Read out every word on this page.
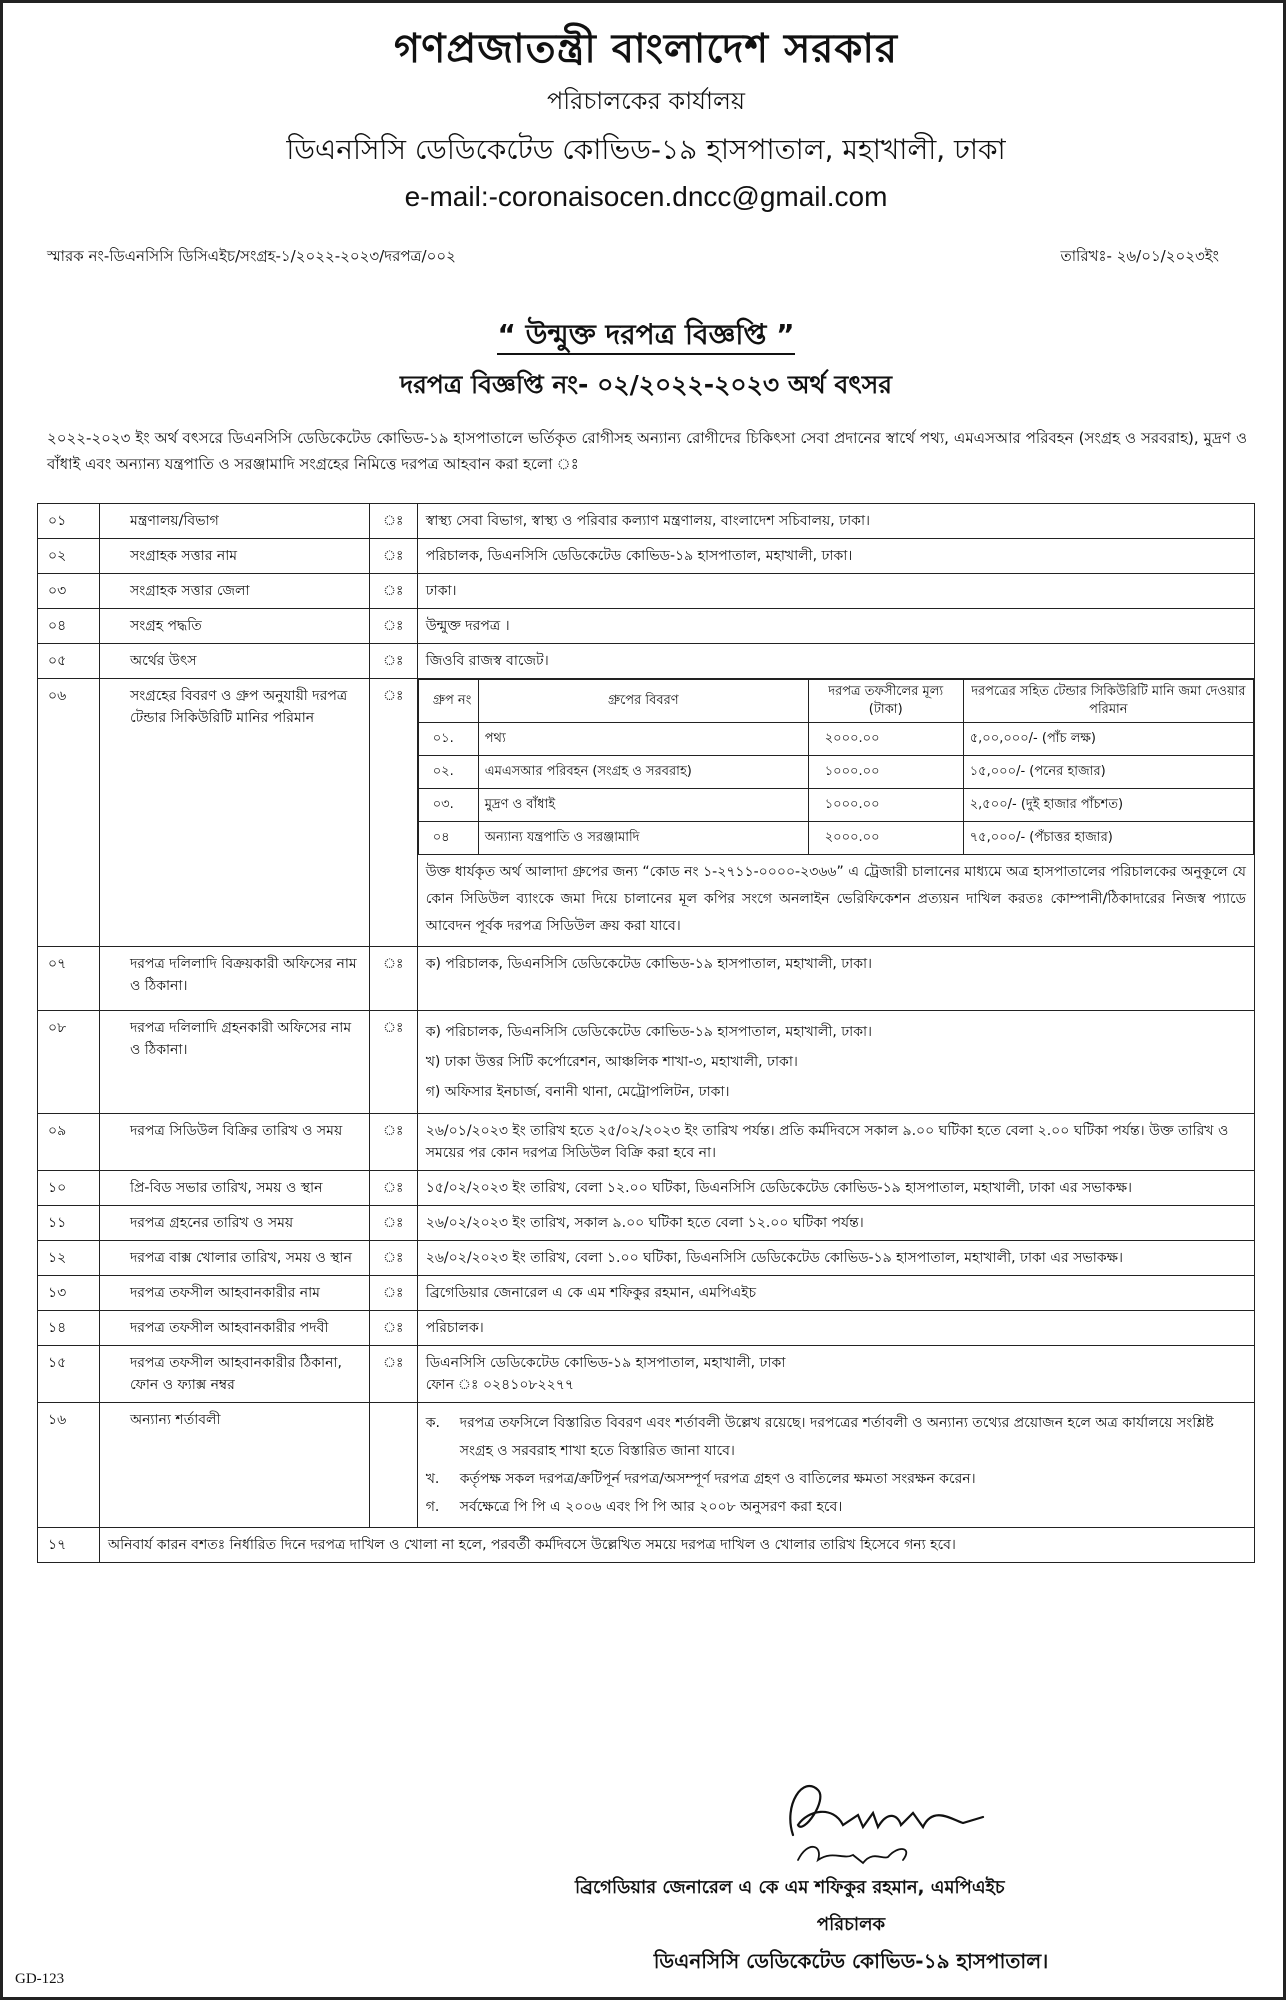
গণপ্রজাতন্ত্রী বাংলাদেশ সরকার
পরিচালকের কার্যালয়
ডিএনসিসি ডেডিকেটেড কোভিড-১৯ হাসপাতাল, মহাখালী, ঢাকা
e-mail:-coronaisocen.dncc@gmail.com
স্মারক নং-ডিএনসিসি ডিসিএইচ/সংগ্রহ-১/২০২২-২০২৩/দরপত্র/০০২	তারিখঃ- ২৬/০১/২০২৩ইং
“ উন্মুক্ত দরপত্র বিজ্ঞপ্তি ”
দরপত্র বিজ্ঞপ্তি নং- ০২/২০২২-২০২৩ অর্থ বৎসর
২০২২-২০২৩ ইং অর্থ বৎসরে ডিএনসিসি ডেডিকেটেড কোভিড-১৯ হাসপাতালে ভর্তিকৃত রোগীসহ অন্যান্য রোগীদের চিকিৎসা সেবা প্রদানের স্বার্থে পথ্য, এমএসআর পরিবহন (সংগ্রহ ও সরবরাহ), মুদ্রণ ও বাঁধাই এবং অন্যান্য যন্ত্রপাতি ও সরঞ্জামাদি সংগ্রহের নিমিত্তে দরপত্র আহবান করা হলো ঃ
০১	মন্ত্রণালয়/বিভাগ	ঃ	স্বাস্থ্য সেবা বিভাগ, স্বাস্থ্য ও পরিবার কল্যাণ মন্ত্রণালয়, বাংলাদেশ সচিবালয়, ঢাকা।
০২	সংগ্রাহক সত্তার নাম	ঃ	পরিচালক, ডিএনসিসি ডেডিকেটেড কোভিড-১৯ হাসপাতাল, মহাখালী, ঢাকা।
০৩	সংগ্রাহক সত্তার জেলা	ঃ	ঢাকা।
০৪	সংগ্রহ পদ্ধতি	ঃ	উন্মুক্ত দরপত্র ।
০৫	অর্থের উৎস	ঃ	জিওবি রাজস্ব বাজেট।
০৬	সংগ্রহের বিবরণ ও গ্রুপ অনুযায়ী দরপত্র টেন্ডার সিকিউরিটি মানির পরিমান	ঃ	গ্রুপ নং	গ্রুপের বিবরণ	দরপত্র তফসীলের মূল্য (টাকা)	দরপত্রের সহিত টেন্ডার সিকিউরিটি মানি জমা দেওয়ার পরিমান
০১.	পথ্য	২০০০.০০	৫,০০,০০০/- (পাঁচ লক্ষ)
০২.	এমএসআর পরিবহন (সংগ্রহ ও সরবরাহ)	১০০০.০০	১৫,০০০/- (পনের হাজার)
০৩.	মুদ্রণ ও বাঁধাই	১০০০.০০	২,৫০০/- (দুই হাজার পাঁচশত)
০৪	অন্যান্য যন্ত্রপাতি ও সরঞ্জামাদি	২০০০.০০	৭৫,০০০/- (পঁচাত্তর হাজার)
উক্ত ধার্যকৃত অর্থ আলাদা গ্রুপের জন্য “কোড নং ১-২৭১১-০০০০-২৩৬৬” এ ট্রেজারী চালানের মাধ্যমে অত্র হাসপাতালের পরিচালকের অনুকূলে যে কোন সিডিউল ব্যাংকে জমা দিয়ে চালানের মূল কপির সংগে অনলাইন ভেরিফিকেশন প্রত্যয়ন দাখিল করতঃ কোম্পানী/ঠিকাদারের নিজস্ব প্যাডে আবেদন পূর্বক দরপত্র সিডিউল ক্রয় করা যাবে।

০৭	দরপত্র দলিলাদি বিক্রয়কারী অফিসের নাম ও ঠিকানা।	ঃ	ক) পরিচালক, ডিএনসিসি ডেডিকেটেড কোভিড-১৯ হাসপাতাল, মহাখালী, ঢাকা।
০৮	দরপত্র দলিলাদি গ্রহনকারী অফিসের নাম ও ঠিকানা।	ঃ	ক) পরিচালক, ডিএনসিসি ডেডিকেটেড কোভিড-১৯ হাসপাতাল, মহাখালী, ঢাকা।
খ) ঢাকা উত্তর সিটি কর্পোরেশন, আঞ্চলিক শাখা-৩, মহাখালী, ঢাকা।
গ) অফিসার ইনচার্জ, বনানী থানা, মেট্রোপলিটন, ঢাকা।

০৯	দরপত্র সিডিউল বিক্রির তারিখ ও সময়	ঃ	২৬/০১/২০২৩ ইং তারিখ হতে ২৫/০২/২০২৩ ইং তারিখ পর্যন্ত। প্রতি কর্মদিবসে সকাল ৯.০০ ঘটিকা হতে বেলা ২.০০ ঘটিকা পর্যন্ত। উক্ত তারিখ ও সময়ের পর কোন দরপত্র সিডিউল বিক্রি করা হবে না।
১০	প্রি-বিড সভার তারিখ, সময় ও স্থান	ঃ	১৫/০২/২০২৩ ইং তারিখ, বেলা ১২.০০ ঘটিকা, ডিএনসিসি ডেডিকেটেড কোভিড-১৯ হাসপাতাল, মহাখালী, ঢাকা এর সভাকক্ষ।
১১	দরপত্র গ্রহনের তারিখ ও সময়	ঃ	২৬/০২/২০২৩ ইং তারিখ, সকাল ৯.০০ ঘটিকা হতে বেলা ১২.০০ ঘটিকা পর্যন্ত।
১২	দরপত্র বাক্স খোলার তারিখ, সময় ও স্থান	ঃ	২৬/০২/২০২৩ ইং তারিখ, বেলা ১.০০ ঘটিকা, ডিএনসিসি ডেডিকেটেড কোভিড-১৯ হাসপাতাল, মহাখালী, ঢাকা এর সভাকক্ষ।
১৩	দরপত্র তফসীল আহবানকারীর নাম	ঃ	ব্রিগেডিয়ার জেনারেল এ কে এম শফিকুর রহমান, এমপিএইচ
১৪	দরপত্র তফসীল আহবানকারীর পদবী	ঃ	পরিচালক।
১৫	দরপত্র তফসীল আহবানকারীর ঠিকানা, ফোন ও ফ্যাক্স নম্বর	ঃ	ডিএনসিসি ডেডিকেটেড কোভিড-১৯ হাসপাতাল, মহাখালী, ঢাকা
ফোন ঃ ০২৪১০৮২২৭৭

১৬	অন্যান্য শর্তাবলী		ক.	দরপত্র তফসিলে বিস্তারিত বিবরণ এবং শর্তাবলী উল্লেখ রয়েছে। দরপত্রের শর্তাবলী ও অন্যান্য তথ্যের প্রয়োজন হলে অত্র কার্যালয়ে সংশ্লিষ্ট সংগ্রহ ও সরবরাহ শাখা হতে বিস্তারিত জানা যাবে।
খ.	কর্তৃপক্ষ সকল দরপত্র/ক্রটিপূর্ন দরপত্র/অসম্পূর্ণ দরপত্র গ্রহণ ও বাতিলের ক্ষমতা সংরক্ষন করেন।
গ.	সর্বক্ষেত্রে পি পি এ ২০০৬ এবং পি পি আর ২০০৮ অনুসরণ করা হবে।

১৭	অনিবার্য কারন বশতঃ নির্ধারিত দিনে দরপত্র দাখিল ও খোলা না হলে, পরবর্তী কর্মদিবসে উল্লেখিত সময়ে দরপত্র দাখিল ও খোলার তারিখ হিসেবে গন্য হবে।
ব্রিগেডিয়ার জেনারেল এ কে এম শফিকুর রহমান, এমপিএইচ
পরিচালক
ডিএনসিসি ডেডিকেটেড কোভিড-১৯ হাসপাতাল।
GD-123
